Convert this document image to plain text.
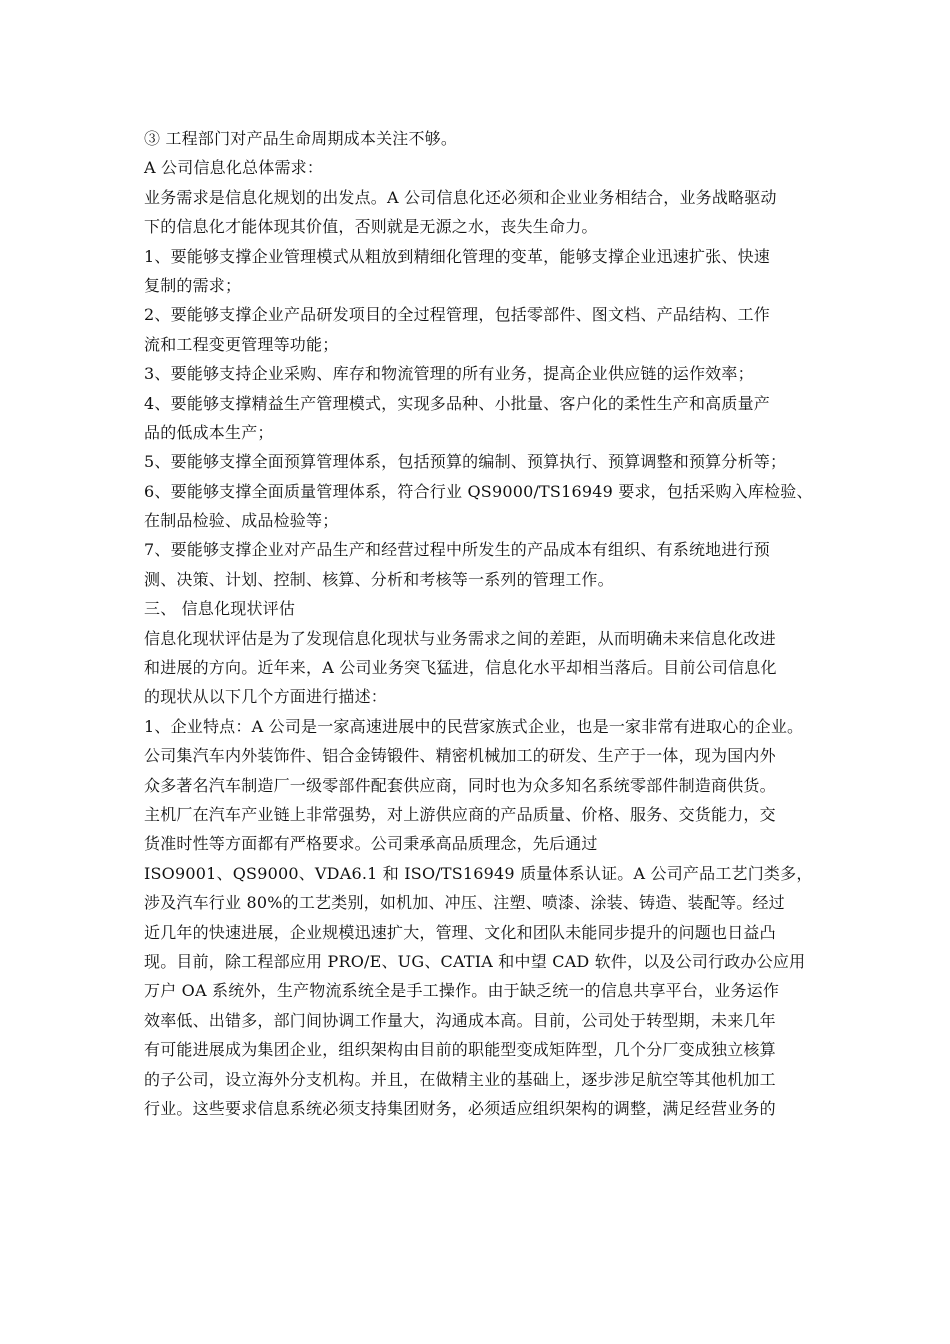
③ 工程部门对产品生命周期成本关注不够。
A 公司信息化总体需求：
业务需求是信息化规划的出发点。A 公司信息化还必须和企业业务相结合，业务战略驱动
下的信息化才能体现其价值，否则就是无源之水，丧失生命力。
1、要能够支撑企业管理模式从粗放到精细化管理的变革，能够支撑企业迅速扩张、快速
复制的需求；
2、要能够支撑企业产品研发项目的全过程管理，包括零部件、图文档、产品结构、工作
流和工程变更管理等功能；
3、要能够支持企业采购、库存和物流管理的所有业务，提高企业供应链的运作效率；
4、要能够支撑精益生产管理模式，实现多品种、小批量、客户化的柔性生产和高质量产
品的低成本生产；
5、要能够支撑全面预算管理体系，包括预算的编制、预算执行、预算调整和预算分析等；
6、要能够支撑全面质量管理体系，符合行业 QS9000/TS16949 要求，包括采购入库检验、
在制品检验、成品检验等；
7、要能够支撑企业对产品生产和经营过程中所发生的产品成本有组织、有系统地进行预
测、决策、计划、控制、核算、分析和考核等一系列的管理工作。
三、 信息化现状评估
信息化现状评估是为了发现信息化现状与业务需求之间的差距，从而明确未来信息化改进
和进展的方向。近年来，A 公司业务突飞猛进，信息化水平却相当落后。目前公司信息化
的现状从以下几个方面进行描述：
1、企业特点：A 公司是一家高速进展中的民营家族式企业，也是一家非常有进取心的企业。
公司集汽车内外装饰件、铝合金铸锻件、精密机械加工的研发、生产于一体，现为国内外
众多著名汽车制造厂一级零部件配套供应商，同时也为众多知名系统零部件制造商供货。
主机厂在汽车产业链上非常强势，对上游供应商的产品质量、价格、服务、交货能力，交
货准时性等方面都有严格要求。公司秉承高品质理念，先后通过
ISO9001、QS9000、VDA6.1 和 ISO/TS16949 质量体系认证。A 公司产品工艺门类多，
涉及汽车行业 80%的工艺类别，如机加、冲压、注塑、喷漆、涂装、铸造、装配等。经过
近几年的快速进展，企业规模迅速扩大，管理、文化和团队未能同步提升的问题也日益凸
现。目前，除工程部应用 PRO/E、UG、CATIA 和中望 CAD 软件，以及公司行政办公应用
万户 OA 系统外，生产物流系统全是手工操作。由于缺乏统一的信息共享平台，业务运作
效率低、出错多，部门间协调工作量大，沟通成本高。目前，公司处于转型期，未来几年
有可能进展成为集团企业，组织架构由目前的职能型变成矩阵型，几个分厂变成独立核算
的子公司，设立海外分支机构。并且，在做精主业的基础上，逐步涉足航空等其他机加工
行业。这些要求信息系统必须支持集团财务，必须适应组织架构的调整，满足经营业务的
